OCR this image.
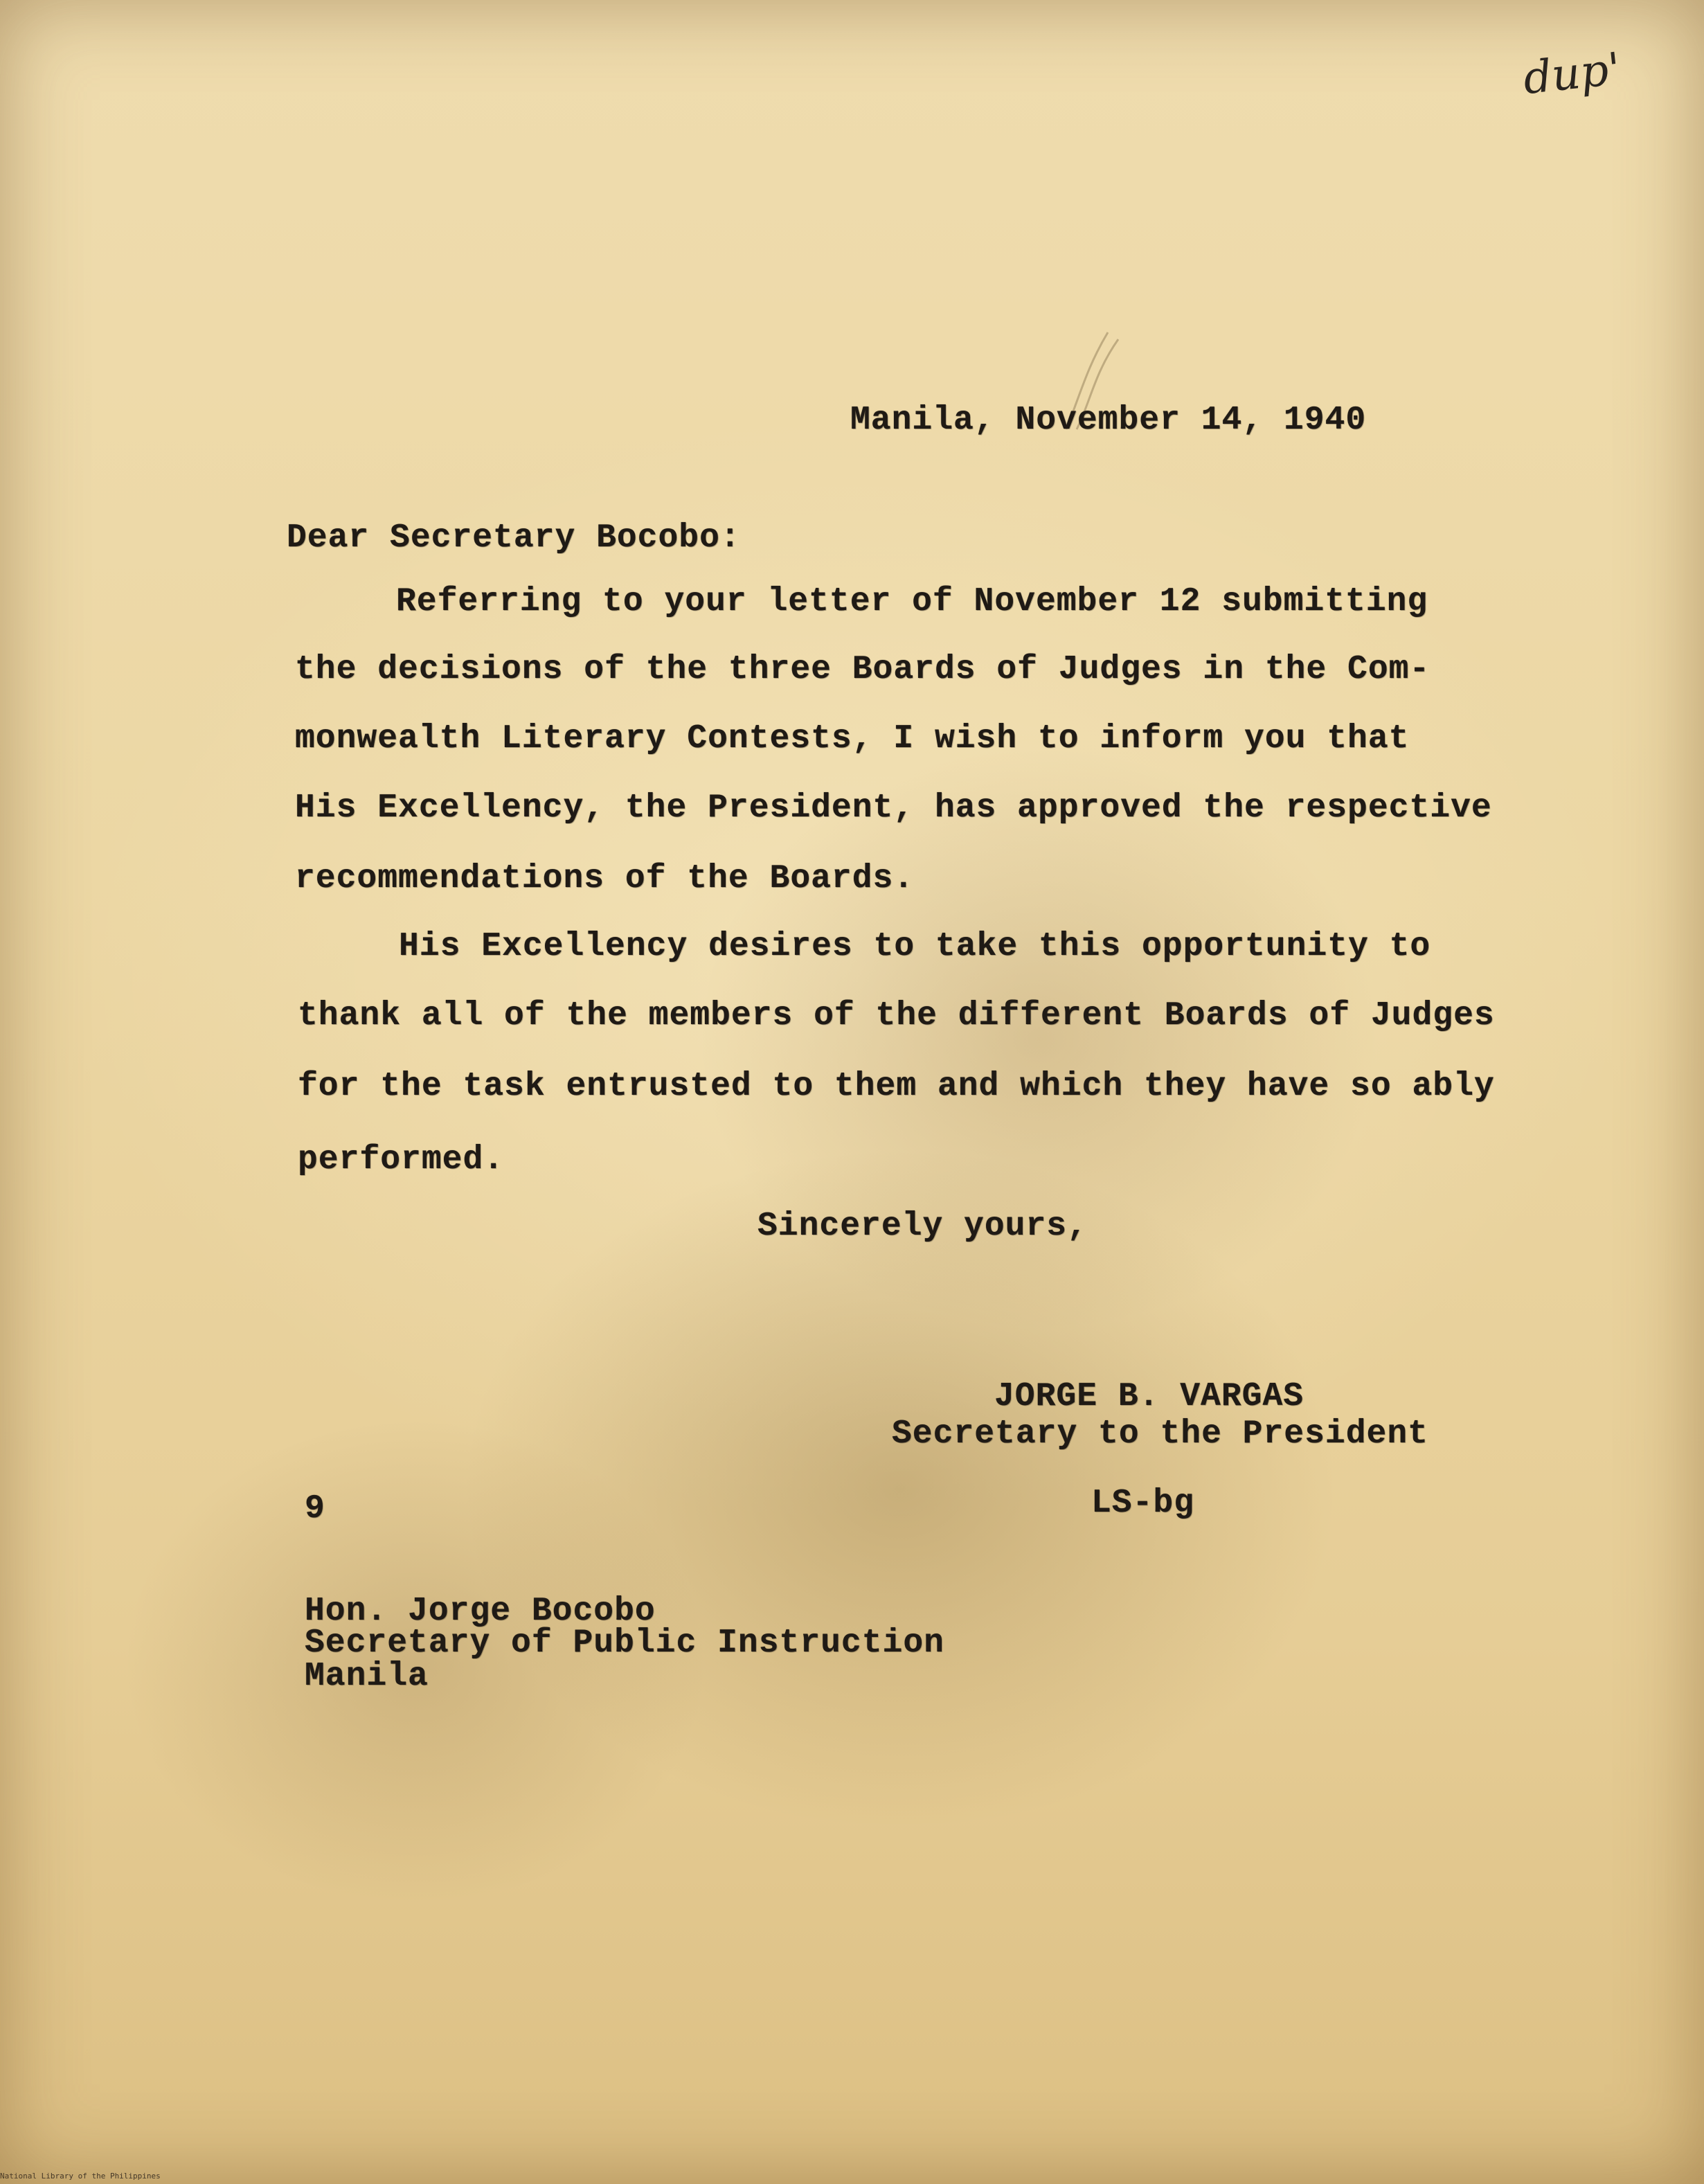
dup'
Manila, November 14, 1940
Dear Secretary Bocobo:
Referring to your letter of November 12 submitting
the decisions of the three Boards of Judges in the Com-
monwealth Literary Contests, I wish to inform you that
His Excellency, the President, has approved the respective
recommendations of the Boards.
His Excellency desires to take this opportunity to
thank all of the members of the different Boards of Judges
for the task entrusted to them and which they have so ably
performed.
Sincerely yours,
JORGE B. VARGAS
Secretary to the President
9	LS-bg
Hon. Jorge Bocobo
Secretary of Public Instruction
Manila
National Library of the Philippines
